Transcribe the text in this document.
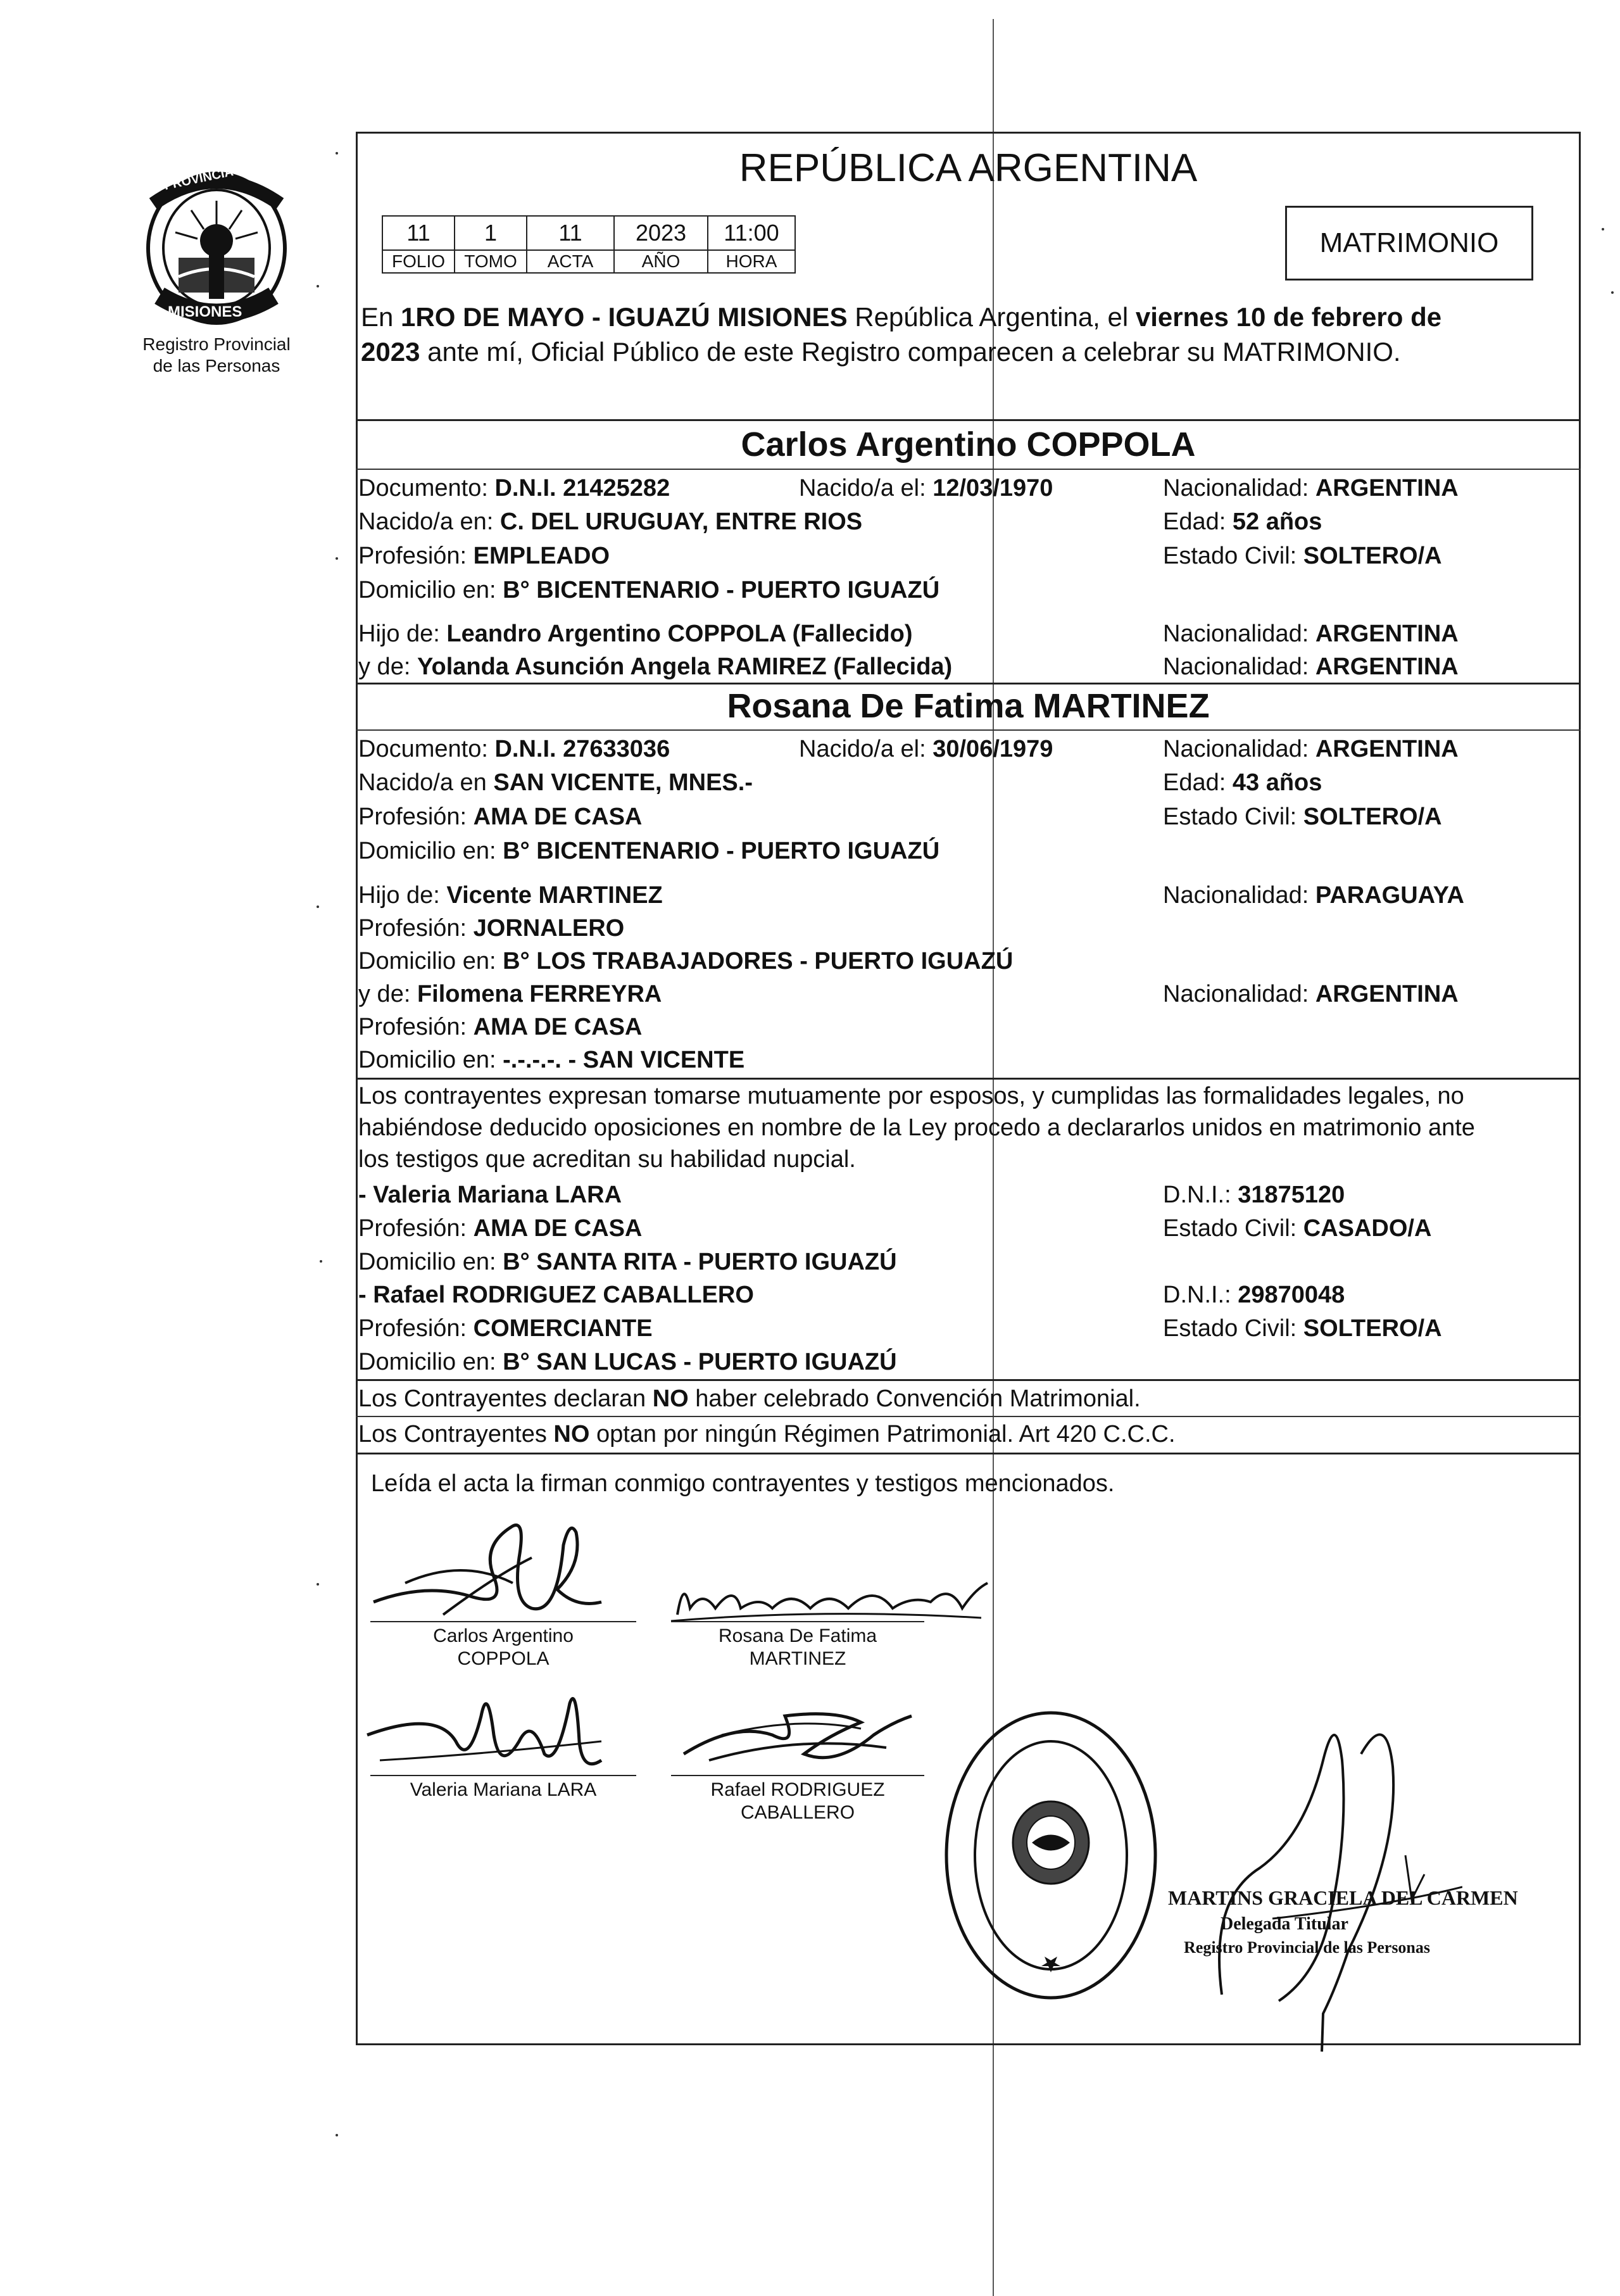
PROVINCIA DE
MISIONES
Registro Provincial
de las Personas
REPÚBLICA ARGENTINA
11	1	11	2023	11:00
FOLIO	TOMO	ACTA	AÑO	HORA
MATRIMONIO
En 1RO DE MAYO - IGUAZÚ MISIONES República Argentina, el viernes 10 de febrero de
2023 ante mí, Oficial Público de este Registro comparecen a celebrar su MATRIMONIO.
Carlos Argentino COPPOLA
Documento: D.N.I. 21425282	Nacido/a el: 12/03/1970	Nacionalidad: ARGENTINA
Nacido/a en: C. DEL URUGUAY, ENTRE RIOS	Edad: 52 años
Profesión: EMPLEADO	Estado Civil: SOLTERO/A
Domicilio en: B° BICENTENARIO - PUERTO IGUAZÚ
Hijo de: Leandro Argentino COPPOLA (Fallecido)	Nacionalidad: ARGENTINA
y de: Yolanda Asunción Angela RAMIREZ (Fallecida)	Nacionalidad: ARGENTINA
Rosana De Fatima MARTINEZ
Documento: D.N.I. 27633036	Nacido/a el: 30/06/1979	Nacionalidad: ARGENTINA
Nacido/a en SAN VICENTE, MNES.-	Edad: 43 años
Profesión: AMA DE CASA	Estado Civil: SOLTERO/A
Domicilio en: B° BICENTENARIO - PUERTO IGUAZÚ
Hijo de: Vicente MARTINEZ	Nacionalidad: PARAGUAYA
Profesión: JORNALERO
Domicilio en: B° LOS TRABAJADORES - PUERTO IGUAZÚ
y de: Filomena FERREYRA	Nacionalidad: ARGENTINA
Profesión: AMA DE CASA
Domicilio en: -.-.-.-. - SAN VICENTE
Los contrayentes expresan tomarse mutuamente por esposos, y cumplidas las formalidades legales, no
habiéndose deducido oposiciones en nombre de la Ley procedo a declararlos unidos en matrimonio ante
los testigos que acreditan su habilidad nupcial.
- Valeria Mariana LARA	D.N.I.: 31875120
Profesión: AMA DE CASA	Estado Civil: CASADO/A
Domicilio en: B° SANTA RITA - PUERTO IGUAZÚ
- Rafael RODRIGUEZ CABALLERO	D.N.I.: 29870048
Profesión: COMERCIANTE	Estado Civil: SOLTERO/A
Domicilio en: B° SAN LUCAS - PUERTO IGUAZÚ
Los Contrayentes declaran NO haber celebrado Convención Matrimonial.
Los Contrayentes NO optan por ningún Régimen Patrimonial. Art 420 C.C.C.
Leída el acta la firman conmigo contrayentes y testigos mencionados.
Carlos Argentino
COPPOLA
Rosana De Fatima
MARTINEZ
Valeria Mariana LARA	Rafael RODRIGUEZ
CABALLERO
MARTINS GRACIELA DEL CARMEN
Delegada Titular
Registro Provincial de las Personas
